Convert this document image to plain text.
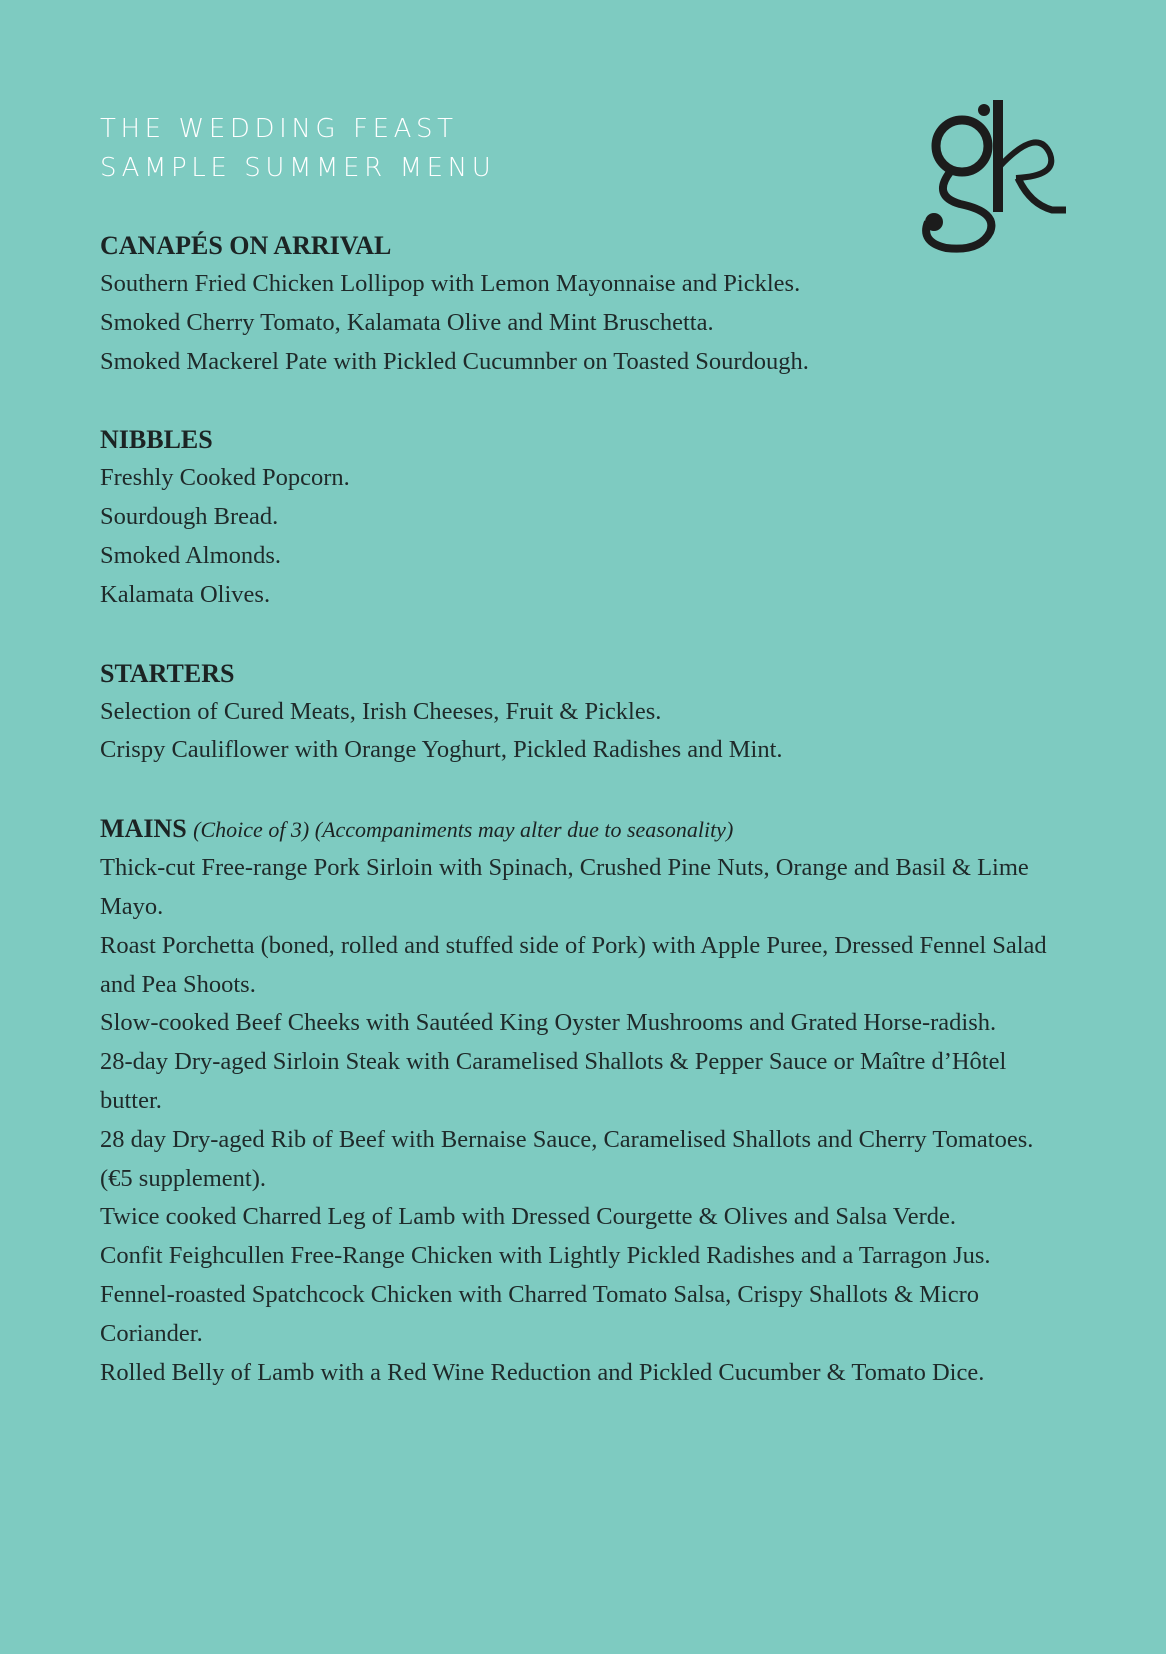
THE WEDDING FEAST
SAMPLE SUMMER MENU

CANAPÉS ON ARRIVAL

Southern Fried Chicken Lollipop with Lemon Mayonnaise and Pickles.

Smoked Cherry Tomato, Kalamata Olive and Mint Bruschetta.

Smoked Mackerel Pate with Pickled Cucumnber on Toasted Sourdough.

NIBBLES

Freshly Cooked Popcorn.

Sourdough Bread.

Smoked Almonds.

Kalamata Olives.

STARTERS

Selection of Cured Meats, Irish Cheeses, Fruit & Pickles.

Crispy Cauliflower with Orange Yoghurt, Pickled Radishes and Mint.

MAINS (Choice of 3) (Accompaniments may alter due to seasonality)

Thick-cut Free-range Pork Sirloin with Spinach, Crushed Pine Nuts, Orange and Basil & Lime Mayo.

Roast Porchetta (boned, rolled and stuffed side of Pork) with Apple Puree, Dressed Fennel Salad and Pea Shoots.

Slow-cooked Beef Cheeks with Sautéed King Oyster Mushrooms and Grated Horse-radish.

28-day Dry-aged Sirloin Steak with Caramelised Shallots & Pepper Sauce or Maître d’Hôtel butter.

28 day Dry-aged Rib of Beef with Bernaise Sauce, Caramelised Shallots and Cherry Tomatoes. (€5 supplement).

Twice cooked Charred Leg of Lamb with Dressed Courgette & Olives and Salsa Verde.

Confit Feighcullen Free-Range Chicken with Lightly Pickled Radishes and a Tarragon Jus.

Fennel-roasted Spatchcock Chicken with Charred Tomato Salsa, Crispy Shallots & Micro Coriander.

Rolled Belly of Lamb with a Red Wine Reduction and Pickled Cucumber & Tomato Dice.
